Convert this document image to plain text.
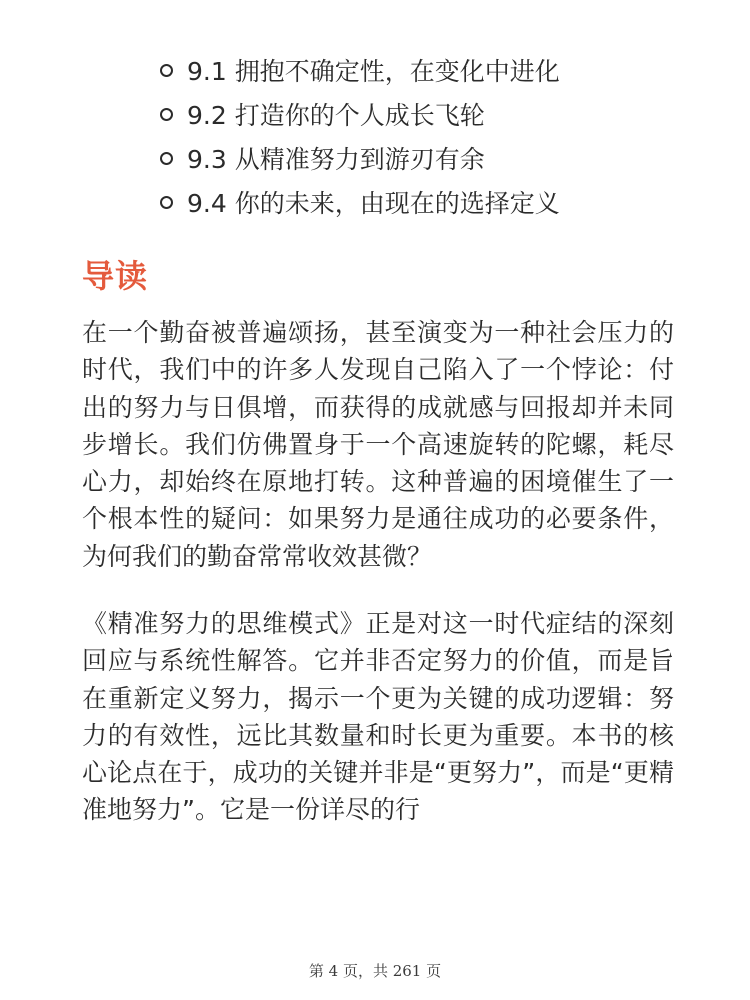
9.1 拥抱不确定性，在变化中进化
9.2 打造你的个人成长飞轮
9.3 从精准努力到游刃有余
9.4 你的未来，由现在的选择定义
导读

在一个勤奋被普遍颂扬，甚至演变为一种社会压力的时代，我们中的许多人发现自己陷入了一个悖论：付出的努力与日俱增，而获得的成就感与回报却并未同步增长。我们仿佛置身于一个高速旋转的陀螺，耗尽心力，却始终在原地打转。这种普遍的困境催生了一个根本性的疑问：如果努力是通往成功的必要条件，为何我们的勤奋常常收效甚微？

《精准努力的思维模式》正是对这一时代症结的深刻回应与系统性解答。它并非否定努力的价值，而是旨在重新定义努力，揭示一个更为关键的成功逻辑：努力的有效性，远比其数量和时长更为重要。本书的核心论点在于，成功的关键并非是“更努力”，而是“更精准地努力”。它是一份详尽的行

第 4 页，共 261 页
